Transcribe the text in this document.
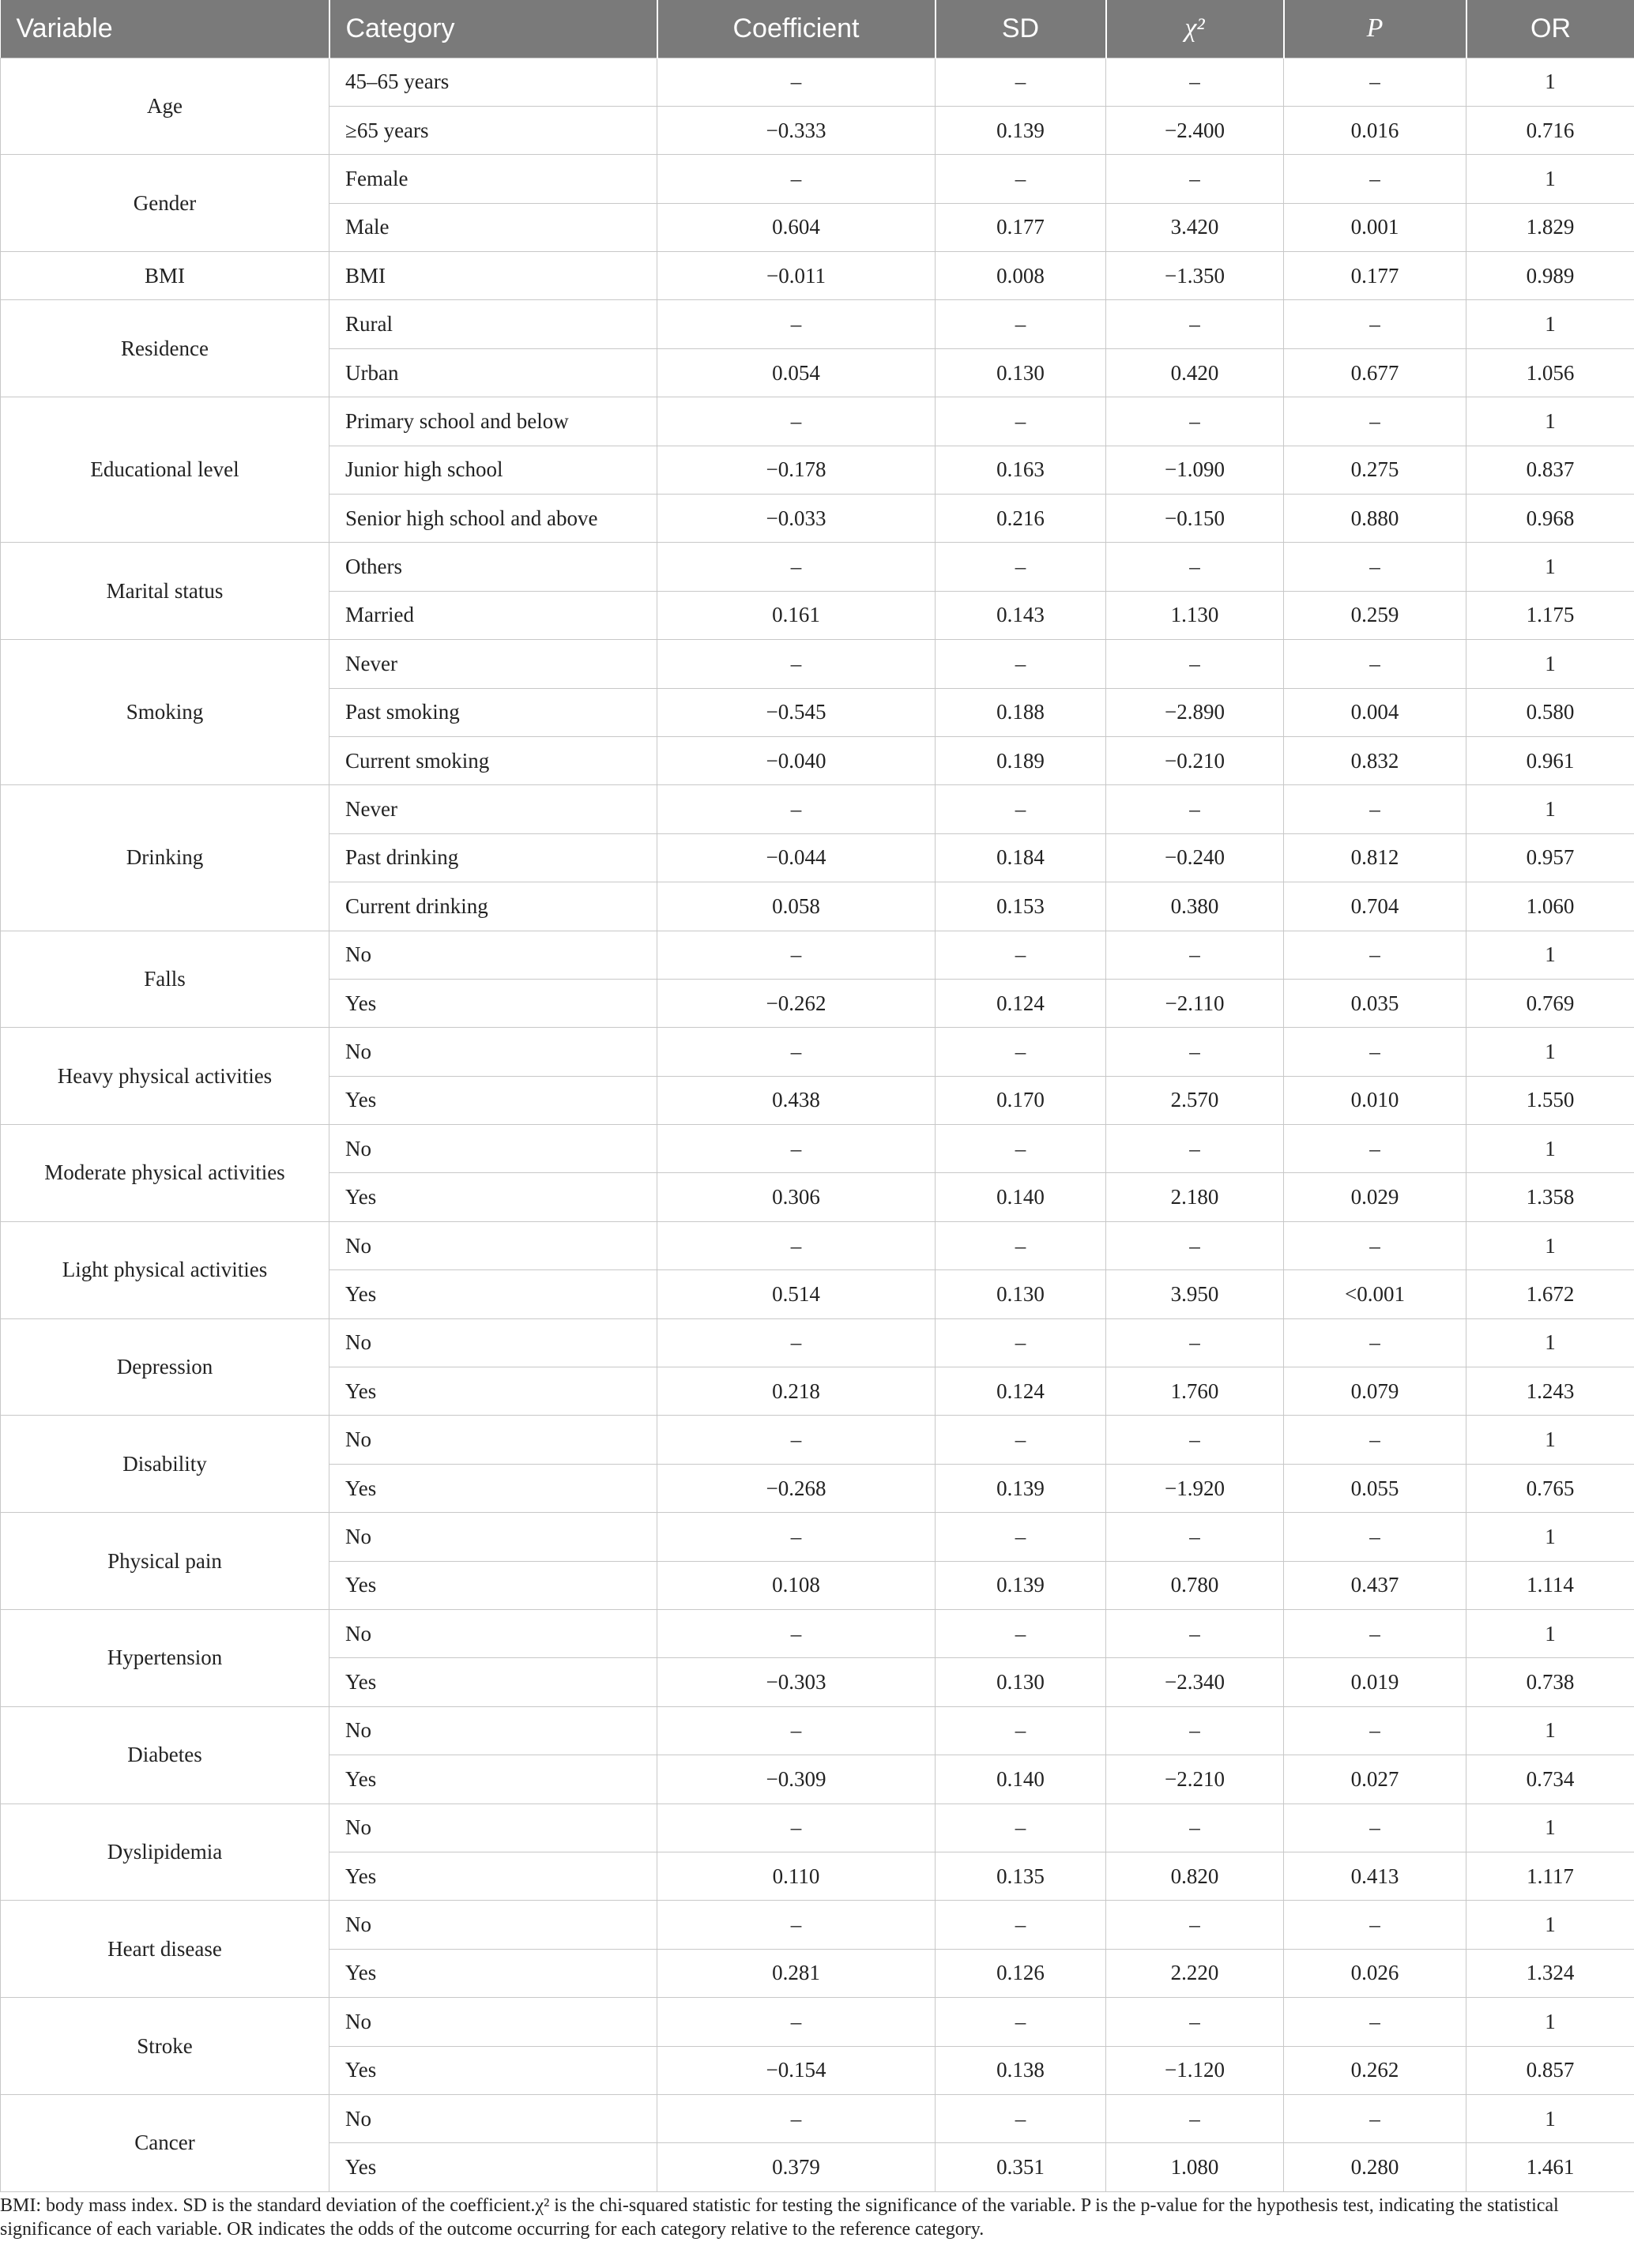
Variable	Category	Coefficient	SD	χ²	P	OR
Age	45–65 years	–	–	–	–	1
	≥65 years	−0.333	0.139	−2.400	0.016	0.716
Gender	Female	–	–	–	–	1
	Male	0.604	0.177	3.420	0.001	1.829
BMI	BMI	−0.011	0.008	−1.350	0.177	0.989
Residence	Rural	–	–	–	–	1
	Urban	0.054	0.130	0.420	0.677	1.056
Educational level	Primary school and below	–	–	–	–	1
	Junior high school	−0.178	0.163	−1.090	0.275	0.837
	Senior high school and above	−0.033	0.216	−0.150	0.880	0.968
Marital status	Others	–	–	–	–	1
	Married	0.161	0.143	1.130	0.259	1.175
Smoking	Never	–	–	–	–	1
	Past smoking	−0.545	0.188	−2.890	0.004	0.580
	Current smoking	−0.040	0.189	−0.210	0.832	0.961
Drinking	Never	–	–	–	–	1
	Past drinking	−0.044	0.184	−0.240	0.812	0.957
	Current drinking	0.058	0.153	0.380	0.704	1.060
Falls	No	–	–	–	–	1
	Yes	−0.262	0.124	−2.110	0.035	0.769
Heavy physical activities	No	–	–	–	–	1
	Yes	0.438	0.170	2.570	0.010	1.550
Moderate physical activities	No	–	–	–	–	1
	Yes	0.306	0.140	2.180	0.029	1.358
Light physical activities	No	–	–	–	–	1
	Yes	0.514	0.130	3.950	<0.001	1.672
Depression	No	–	–	–	–	1
	Yes	0.218	0.124	1.760	0.079	1.243
Disability	No	–	–	–	–	1
	Yes	−0.268	0.139	−1.920	0.055	0.765
Physical pain	No	–	–	–	–	1
	Yes	0.108	0.139	0.780	0.437	1.114
Hypertension	No	–	–	–	–	1
	Yes	−0.303	0.130	−2.340	0.019	0.738
Diabetes	No	–	–	–	–	1
	Yes	−0.309	0.140	−2.210	0.027	0.734
Dyslipidemia	No	–	–	–	–	1
	Yes	0.110	0.135	0.820	0.413	1.117
Heart disease	No	–	–	–	–	1
	Yes	0.281	0.126	2.220	0.026	1.324
Stroke	No	–	–	–	–	1
	Yes	−0.154	0.138	−1.120	0.262	0.857
Cancer	No	–	–	–	–	1
	Yes	0.379	0.351	1.080	0.280	1.461

BMI: body mass index. SD is the standard deviation of the coefficient.χ² is the chi-squared statistic for testing the significance of the variable. P is the p-value for the hypothesis test, indicating the statistical significance of each variable. OR indicates the odds of the outcome occurring for each category relative to the reference category.
